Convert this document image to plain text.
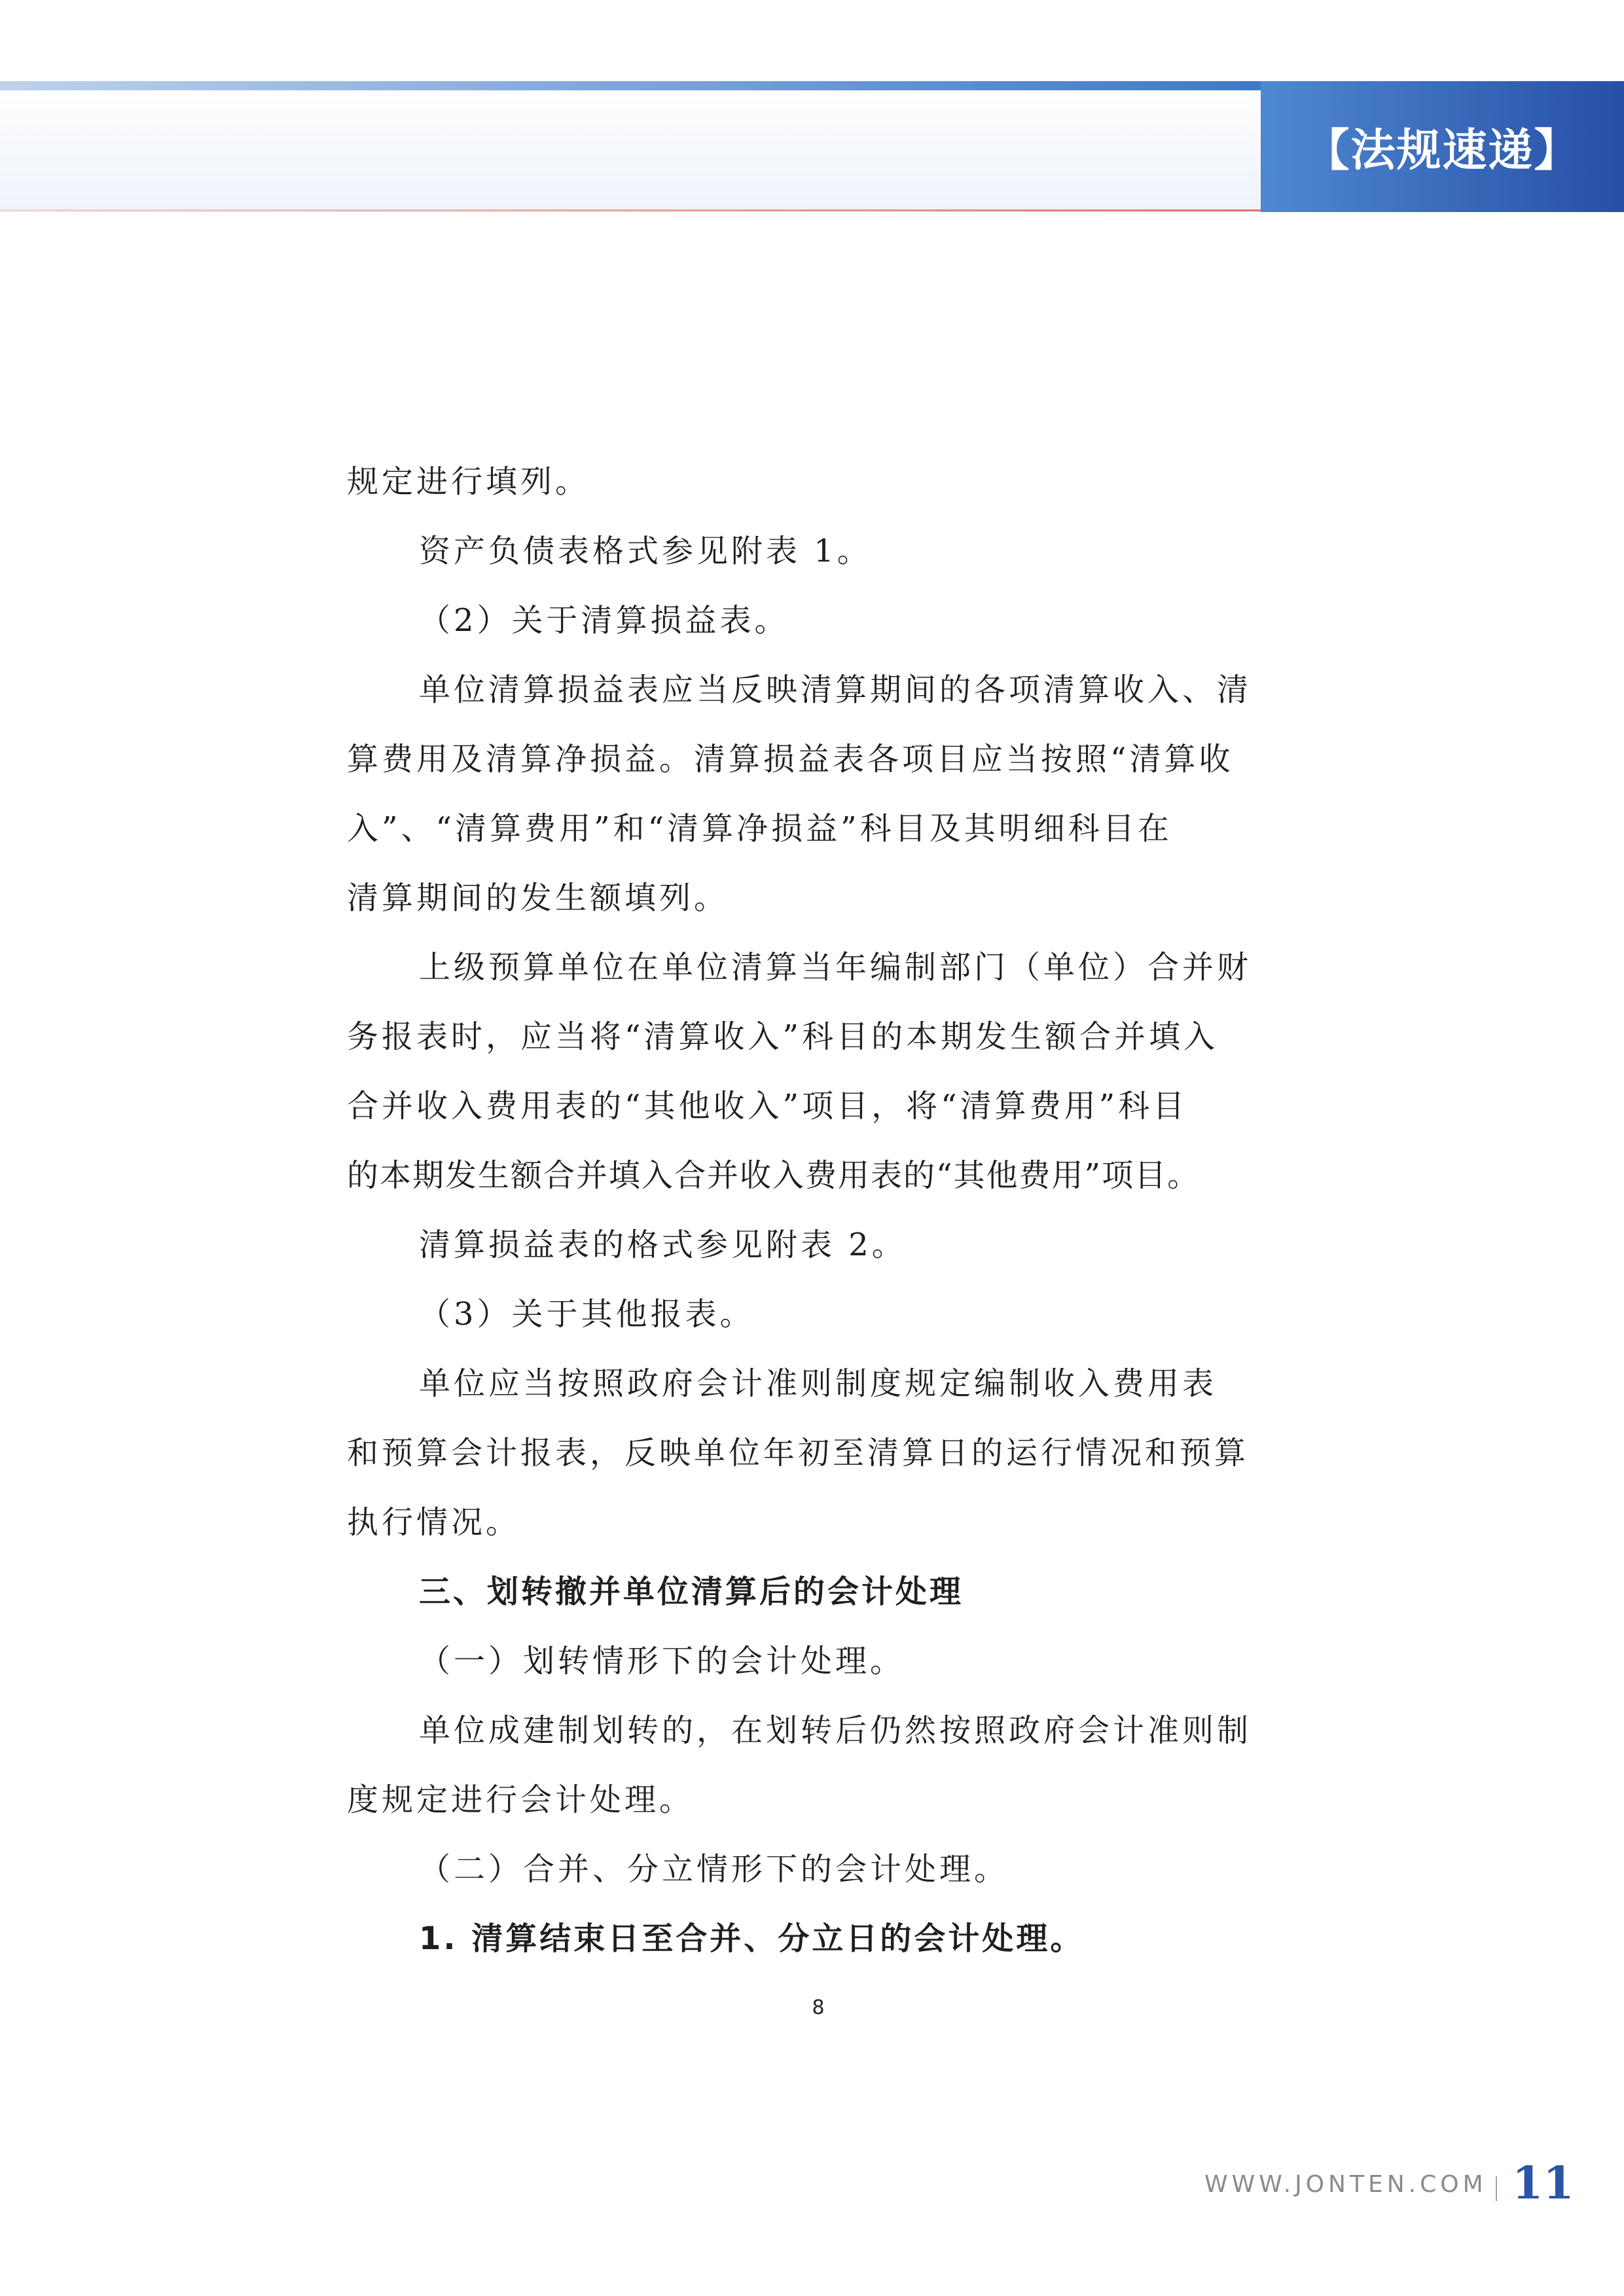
【法规速递】
规定进行填列。
资产负债表格式参见附表 1。
（2）关于清算损益表。
单位清算损益表应当反映清算期间的各项清算收入、清
算费用及清算净损益。清算损益表各项目应当按照“清算收
入”、“清算费用”和“清算净损益”科目及其明细科目在
清算期间的发生额填列。
上级预算单位在单位清算当年编制部门（单位）合并财
务报表时，应当将“清算收入”科目的本期发生额合并填入
合并收入费用表的“其他收入”项目，将“清算费用”科目
的本期发生额合并填入合并收入费用表的“其他费用”项目。
清算损益表的格式参见附表 2。
（3）关于其他报表。
单位应当按照政府会计准则制度规定编制收入费用表
和预算会计报表，反映单位年初至清算日的运行情况和预算
执行情况。
三、划转撤并单位清算后的会计处理
（一）划转情形下的会计处理。
单位成建制划转的，在划转后仍然按照政府会计准则制
度规定进行会计处理。
（二）合并、分立情形下的会计处理。
1. 清算结束日至合并、分立日的会计处理。
8
WWW.JONTEN.COM 11
